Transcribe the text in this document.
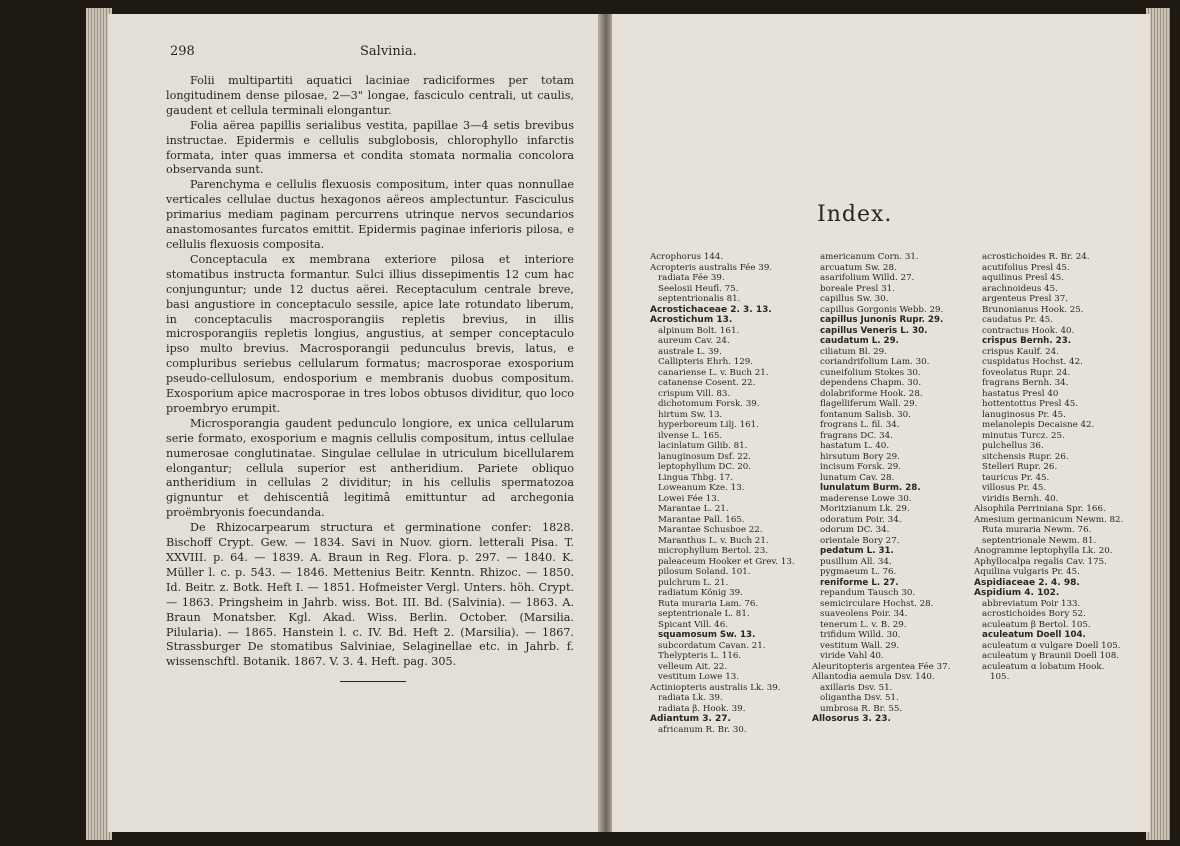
298	Salvinia.

Folii multipartiti aquatici laciniae radiciformes per totam longitudinem dense pilosae, 2—3" longae, fasciculo centrali, ut caulis, gaudent et cellula terminali elongantur.

Folia aërea papillis serialibus vestita, papillae 3—4 setis brevibus instructae. Epidermis e cellulis subglobosis, chlorophyllo infarctis formata, inter quas immersa et condita stomata normalia concolora observanda sunt.

Parenchyma e cellulis flexuosis compositum, inter quas nonnullae verticales cellulae ductus hexagonos aëreos amplectuntur. Fasciculus primarius mediam paginam percurrens utrinque nervos secundarios anastomosantes furcatos emittit. Epidermis paginae inferioris pilosa, e cellulis flexuosis composita.

Conceptacula ex membrana exteriore pilosa et interiore stomatibus instructa formantur. Sulci illius dissepimentis 12 cum hac conjunguntur; unde 12 ductus aërei. Receptaculum centrale breve, basi angustiore in conceptaculo sessile, apice late rotundato liberum, in conceptaculis macrosporangiis repletis brevius, in illis microsporangiis repletis longius, angustius, at semper conceptaculo ipso multo brevius. Macrosporangii pedunculus brevis, latus, e compluribus seriebus cellularum formatus; macrosporae exosporium pseudo-cellulosum, endosporium e membranis duobus compositum. Exosporium apice macrosporae in tres lobos obtusos dividitur, quo loco proembryo erumpit.

Microsporangia gaudent pedunculo longiore, ex unica cellularum serie formato, exosporium e magnis cellulis compositum, intus cellulae numerosae conglutinatae. Singulae cellulae in utriculum bicellularem elongantur; cellula superior est antheridium. Pariete obliquo antheridium in cellulas 2 dividitur; in his cellulis spermatozoa gignuntur et dehiscentiâ legitimâ emittuntur ad archegonia proëmbryonis foecundanda.

De Rhizocarpearum structura et germinatione confer: 1828. Bischoff Crypt. Gew. — 1834. Savi in Nuov. giorn. letterali Pisa. T. XXVIII. p. 64. — 1839. A. Braun in Reg. Flora. p. 297. — 1840. K. Müller l. c. p. 543. — 1846. Mettenius Beitr. Kenntn. Rhizoc. — 1850. Id. Beitr. z. Botk. Heft I. — 1851. Hofmeister Vergl. Unters. höh. Crypt. — 1863. Pringsheim in Jahrb. wiss. Bot. III. Bd. (Salvinia). — 1863. A. Braun Monatsber. Kgl. Akad. Wiss. Berlin. October. (Marsilia. Pilularia). — 1865. Hanstein l. c. IV. Bd. Heft 2. (Marsilia). — 1867. Strassburger De stomatibus Salviniae, Selaginellae etc. in Jahrb. f. wissenschftl. Botanik. 1867. V. 3. 4. Heft. pag. 305.

Index.

Acrophorus 144.

Acropteris australis Fée 39.

radiata Fée 39.

Seelosii Heufl. 75.

septentrionalis 81.

Acrostichaceae 2. 3. 13.

Acrostichum 13.

alpinum Bolt. 161.

aureum Cav. 24.

australe L. 39.

Callipteris Ehrh. 129.

canariense L. v. Buch 21.

catanense Cosent. 22.

crispum Vill. 83.

dichotomum Forsk. 39.

hirtum Sw. 13.

hyperboreum Lilj. 161.

ilvense L. 165.

lacinlatum Gilib. 81.

lanuginosum Dsf. 22.

leptophyllum DC. 20.

Lingua Thbg. 17.

Loweanum Kze. 13.

Lowei Fée 13.

Marantae L. 21.

Marantae Pall. 165.

Marantae Schusboe 22.

Maranthus L. v. Buch 21.

microphyllum Bertol. 23.

paleaceum Hooker et Grev. 13.

pilosum Soland. 101.

pulchrum L. 21.

radiatum König 39.

Ruta muraria Lam. 76.

septentrionale L. 81.

Spicant Vill. 46.

squamosum Sw. 13.

subcordatum Cavan. 21.

Thelypteris L. 116.

velleum Ait. 22.

vestitum Lowe 13.

Actiniopteris australis Lk. 39.

radiata Lk. 39.

radiata β. Hook. 39.

Adiantum 3. 27.

africanum R. Br. 30.

americanum Corn. 31.

arcuatum Sw. 28.

asarifolium Willd. 27.

boreale Presl 31.

capillus Sw. 30.

capillus Gorgonis Webb. 29.

capillus Junonis Rupr. 29.

capillus Veneris L. 30.

caudatum L. 29.

ciliatum Bl. 29.

coriandrifolium Lam. 30.

cuneifolium Stokes 30.

dependens Chapm. 30.

dolabriforme Hook. 28.

flagelliferum Wall. 29.

fontanum Salisb. 30.

frograns L. fil. 34.

fragrans DC. 34.

hastatum L. 40.

hirsutum Bory 29.

incisum Forsk. 29.

lunatum Cav. 28.

lunulatum Burm. 28.

maderense Lowe 30.

Moritzianum Lk. 29.

odoratum Poir. 34.

odorum DC. 34.

orientale Bory 27.

pedatum L. 31.

pusillum All. 34.

pygmaeum L. 76.

reniforme L. 27.

repandum Tausch 30.

semicirculare Hochst. 28.

suaveolens Poir. 34.

tenerum L. v. B. 29.

trifidum Willd. 30.

vestitum Wall. 29.

viride Vahl 40.

Aleuritopteris argentea Fée 37.

Allantodia aemula Dsv. 140.

axillaris Dsv. 51.

oligantha Dsv. 51.

umbrosa R. Br. 55.

Allosorus 3. 23.

acrostichoides R. Br. 24.

acutifolius Presl 45.

aquilinus Presl 45.

arachnoideus 45.

argenteus Presl 37.

Brunonianus Hook. 25.

caudatus Pr. 45.

contractus Hook. 40.

crispus Bernh. 23.

crispus Kaulf. 24.

cuspidatus Hochst. 42.

foveolatus Rupr. 24.

fragrans Bernh. 34.

hastatus Presl 40

hottentottus Presl 45.

lanuginosus Pr. 45.

melanolepis Decaisne 42.

minutus Turcz. 25.

pulchellus 36.

sitchensis Rupr. 26.

Stelleri Rupr. 26.

tauricus Pr. 45.

villosus Pr. 45.

viridis Bernh. 40.

Alsophila Perriniana Spr. 166.

Amesium germanicum Newm. 82.

Ruta muraria Newm. 76.

septentrionale Newm. 81.

Anogramme leptophylla Lk. 20.

Aphyllocalpa regalis Cav. 175.

Aquilina vulgaris Pr. 45.

Aspidiaceae 2. 4. 98.

Aspidium 4. 102.

abbreviatum Poir 133.

acrostichoides Bory 52.

aculeatum β Bertol. 105.

aculeatum Doell 104.

aculeatum α vulgare Doell 105.

aculeatum γ Braunii Doell 108.

aculeatum α lobatum Hook. 105.
